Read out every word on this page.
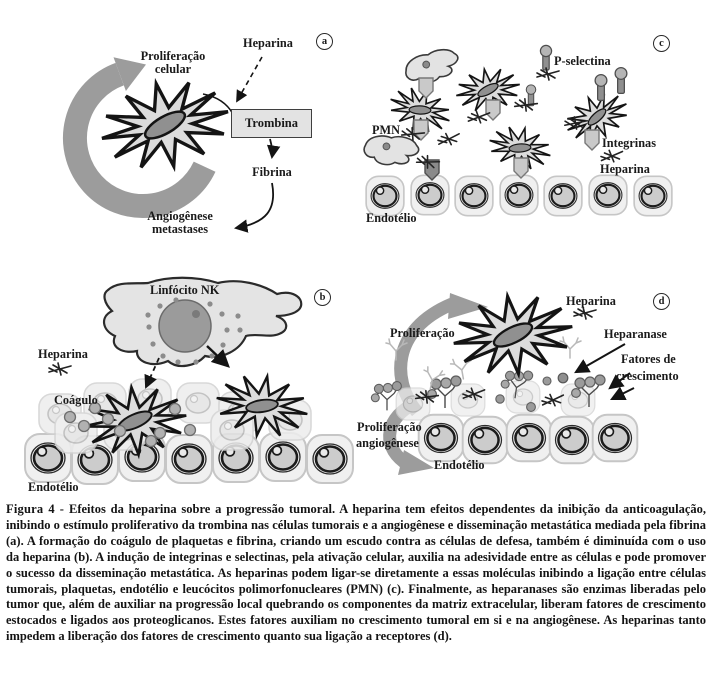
Proliferação
celular
Heparina	a
Trombina
Fibrina
Angiogênese
metastases
P-selectina
PMN
Integrinas
Heparina
Endotélio
c
Linfócito NK
Heparina
Coágulo
Endotélio
b
Proliferação
Heparina
Heparanase
Fatores de
crescimento
Proliferação
angiogênese
Endotélio
d
Figura 4 - Efeitos da heparina sobre a progressão tumoral. A heparina tem efeitos dependentes da inibição da anticoagulação, inibindo o estímulo proliferativo da trombina nas células tumorais e a angiogênese e disseminação metastática mediada pela fibrina (a). A formação do coágulo de plaquetas e fibrina, criando um escudo contra as células de defesa, também é diminuída com o uso da heparina (b). A indução de integrinas e selectinas, pela ativação celular, auxilia na adesividade entre as células e pode promover o sucesso da disseminação metastática. As heparinas podem ligar-se diretamente a essas moléculas inibindo a ligação entre células tumorais, plaquetas, endotélio e leucócitos polimorfonucleares (PMN) (c). Finalmente, as heparanases são enzimas liberadas pelo tumor que, além de auxiliar na progressão local quebrando os componentes da matriz extracelular, liberam fatores de crescimento estocados e ligados aos proteoglicanos. Estes fatores auxiliam no crescimento tumoral em si e na angiogênese. As heparinas tanto impedem a liberação dos fatores de crescimento quanto sua ligação a receptores (d).
